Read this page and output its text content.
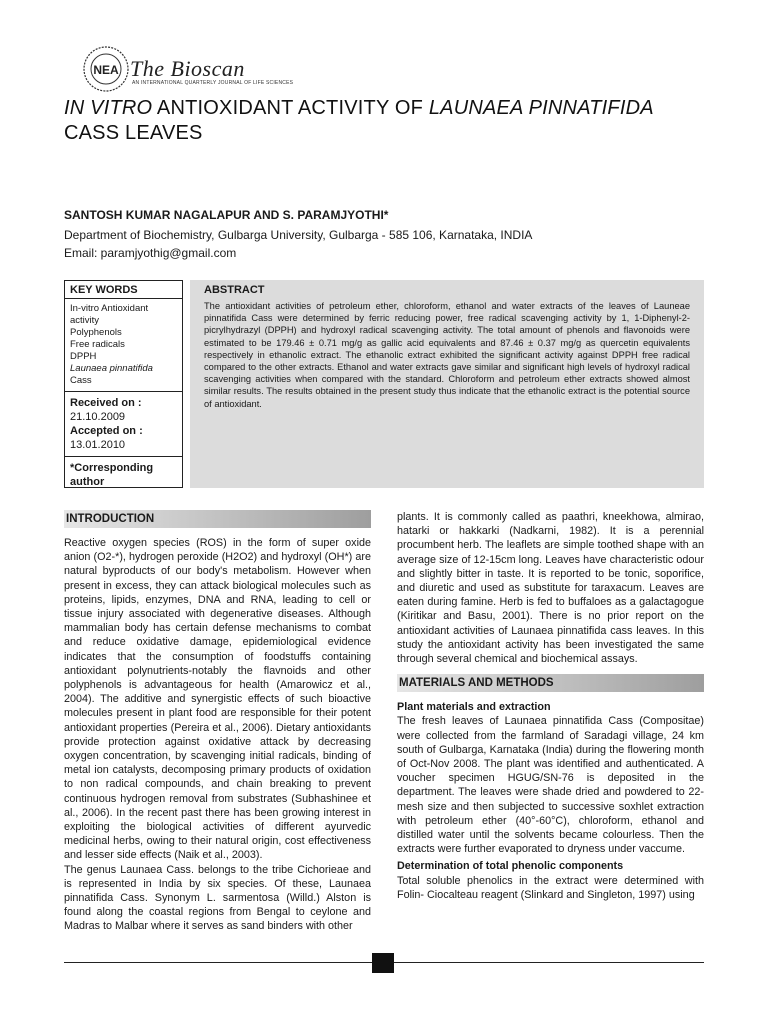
NEA The Bioscan
AN INTERNATIONAL QUARTERLY JOURNAL OF LIFE SCIENCES
IN VITRO ANTIOXIDANT ACTIVITY OF LAUNAEA PINNATIFIDA
CASS LEAVES
SANTOSH KUMAR NAGALAPUR AND S. PARAMJYOTHI*
Department of Biochemistry, Gulbarga University, Gulbarga - 585 106, Karnataka, INDIA
Email: paramjyothig@gmail.com
KEY WORDS
In-vitro Antioxidant
activity
Polyphenols
Free radicals
DPPH
Launaea pinnatifida
Cass
Received on :
21.10.2009
Accepted on :
13.01.2010
*Corresponding author
ABSTRACT
The antioxidant activities of petroleum ether, chloroform, ethanol and water extracts of the leaves of Launeae pinnatifida Cass were determined by ferric reducing power, free radical scavenging activity by 1, 1-Diphenyl-2-picrylhydrazyl (DPPH) and hydroxyl radical scavenging activity. The total amount of phenols and flavonoids were estimated to be 179.46 ± 0.71 mg/g as gallic acid equivalents and 87.46 ± 0.37 mg/g as quercetin equivalents respectively in ethanolic extract. The ethanolic extract exhibited the significant activity against DPPH free radical compared to the other extracts. Ethanol and water extracts gave similar and significant high levels of hydroxyl radical scavenging activities when compared with the standard. Chloroform and petroleum ether extracts showed almost similar results. The results obtained in the present study thus indicate that the ethanolic extract is the potential source of antioxidant.
INTRODUCTION

Reactive oxygen species (ROS) in the form of super oxide anion (O2-*), hydrogen peroxide (H2O2) and hydroxyl (OH*) are natural byproducts of our body's metabolism. However when present in excess, they can attack biological molecules such as proteins, lipids, enzymes, DNA and RNA, leading to cell or tissue injury associated with degenerative diseases. Although mammalian body has certain defense mechanisms to combat and reduce oxidative damage, epidemiological evidence indicates that the consumption of foodstuffs containing antioxidant polynutrients-notably the flavnoids and other polyphenols is advantageous for health (Amarowicz et al., 2004). The additive and synergistic effects of such bioactive molecules present in plant food are responsible for their potent antioxidant properties (Pereira et al., 2006). Dietary antioxidants provide protection against oxidative attack by decreasing oxygen concentration, by scavenging initial radicals, binding of metal ion catalysts, decomposing primary products of oxidation to non radical compounds, and chain breaking to prevent continuous hydrogen removal from substrates (Subhashinee et al., 2006). In the recent past there has been growing interest in exploiting the biological activities of different ayurvedic medicinal herbs, owing to their natural origin, cost effectiveness and lesser side effects (Naik et al., 2003).

The genus Launaea Cass. belongs to the tribe Cichorieae and is represented in India by six species. Of these, Launaea pinnatifida Cass. Synonym L. sarmentosa (Willd.) Alston is found along the coastal regions from Bengal to ceylone and Madras to Malbar where it serves as sand binders with other

plants. It is commonly called as paathri, kneekhowa, almirao, hatarki or hakkarki (Nadkarni, 1982). It is a perennial procumbent herb. The leaflets are simple toothed shape with an average size of 12-15cm long. Leaves have characteristic odour and slightly bitter in taste. It is reported to be tonic, soporifice, and diuretic and used as substitute for taraxacum. Leaves are eaten during famine. Herb is fed to buffaloes as a galactagogue (Kiritikar and Basu, 2001). There is no prior report on the antioxidant activities of Launaea pinnatifida cass leaves. In this study the antioxidant activity has been investigated the same through several chemical and biochemical assays.

MATERIALS AND METHODS
Plant materials and extraction

The fresh leaves of Launaea pinnatifida Cass (Compositae) were collected from the farmland of Saradagi village, 24 km south of Gulbarga, Karnataka (India) during the flowering month of Oct-Nov 2008. The plant was identified and authenticated. A voucher specimen HGUG/SN-76 is deposited in the department. The leaves were shade dried and powdered to 22-mesh size and then subjected to successive soxhlet extraction with petroleum ether (40°-60°C), chloroform, ethanol and distilled water until the solvents became colourless. Then the extracts were further evaporated to dryness under vaccume.

Determination of total phenolic components

Total soluble phenolics in the extract were determined with Folin- Ciocalteau reagent (Slinkard and Singleton, 1997) using
